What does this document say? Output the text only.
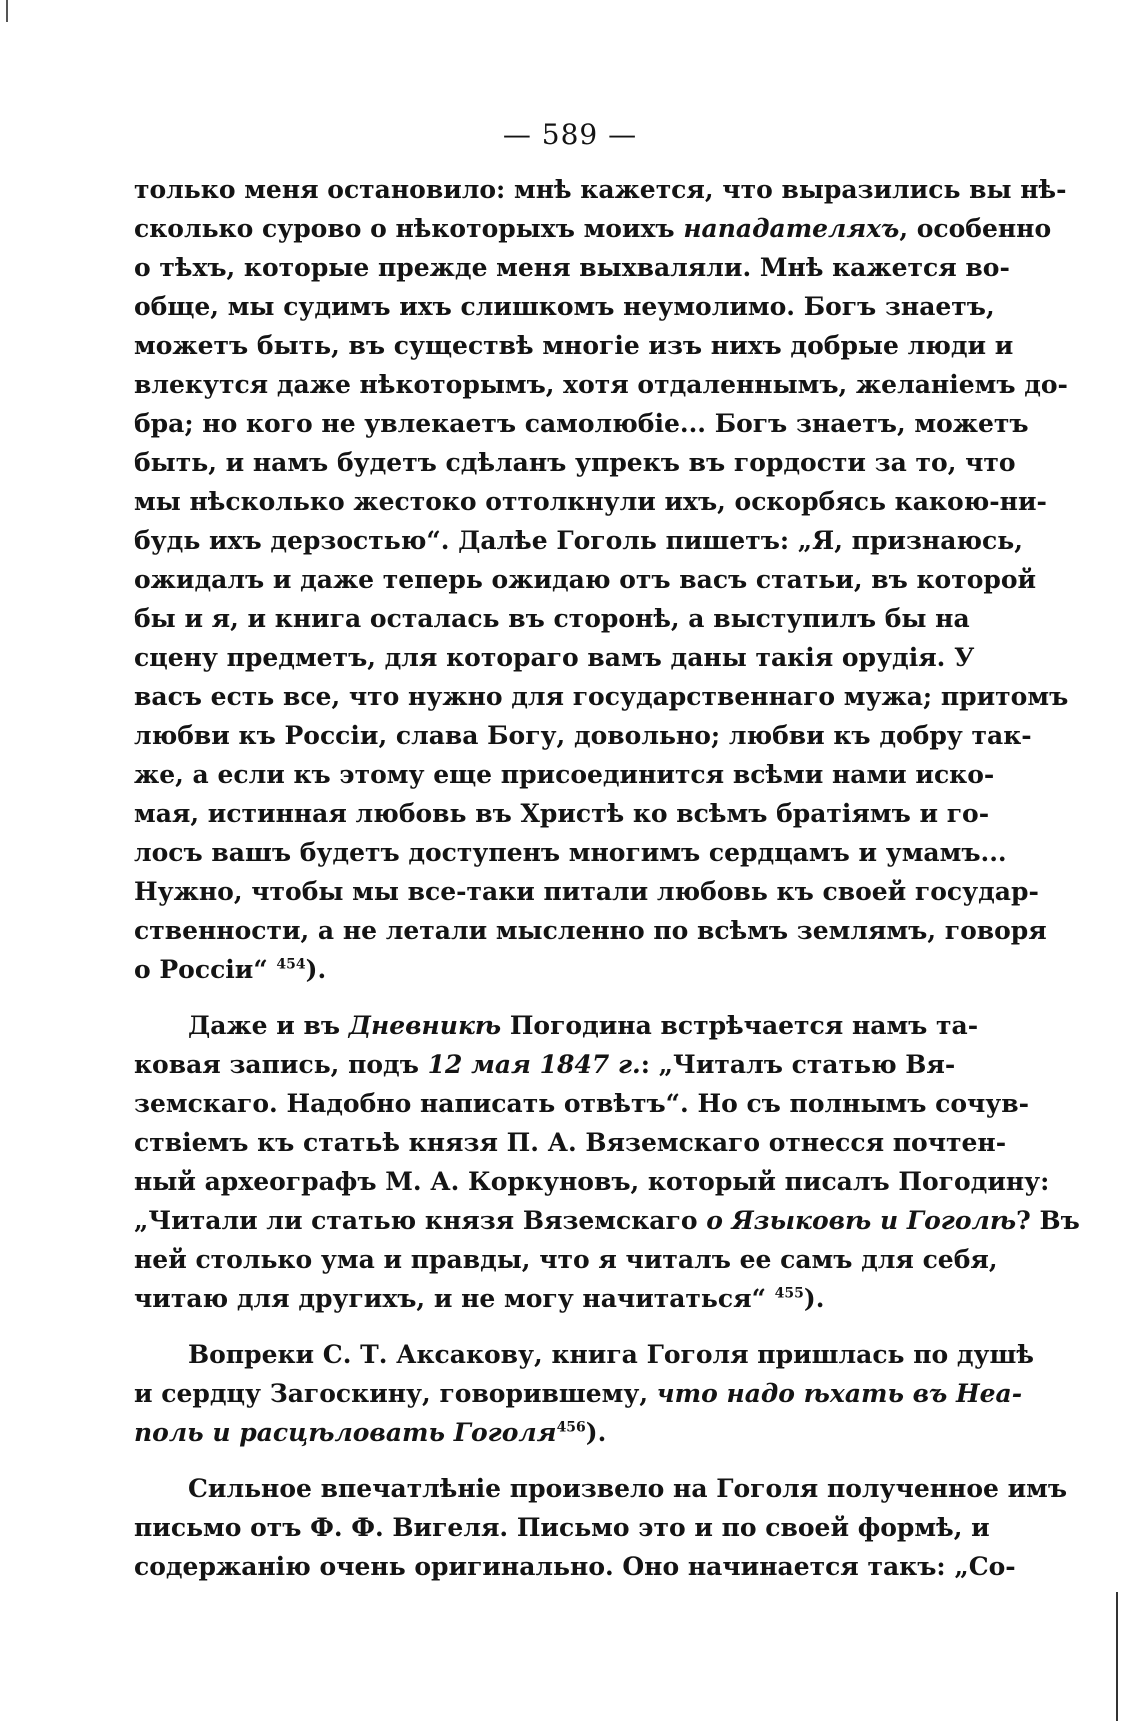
— 589 —
только меня остановило: мнѣ кажется, что выразились вы нѣ-
сколько сурово о нѣкоторыхъ моихъ нападателяхъ, особенно
о тѣхъ, которые прежде меня выхваляли. Мнѣ кажется во-
обще, мы судимъ ихъ слишкомъ неумолимо. Богъ знаетъ,
можетъ быть, въ существѣ многіе изъ нихъ добрые люди и
влекутся даже нѣкоторымъ, хотя отдаленнымъ, желаніемъ до-
бра; но кого не увлекаетъ самолюбіе... Богъ знаетъ, можетъ
быть, и намъ будетъ сдѣланъ упрекъ въ гордости за то, что
мы нѣсколько жестоко оттолкнули ихъ, оскорбясь какою-ни-
будь ихъ дерзостью“. Далѣе Гоголь пишетъ: „Я, признаюсь,
ожидалъ и даже теперь ожидаю отъ васъ статьи, въ которой
бы и я, и книга осталась въ сторонѣ, а выступилъ бы на
сцену предметъ, для котораго вамъ даны такія орудія. У
васъ есть все, что нужно для государственнаго мужа; притомъ
любви къ Россіи, слава Богу, довольно; любви къ добру так-
же, а если къ этому еще присоединится всѣми нами иско-
мая, истинная любовь въ Христѣ ко всѣмъ братіямъ и го-
лосъ вашъ будетъ доступенъ многимъ сердцамъ и умамъ...
Нужно, чтобы мы все-таки питали любовь къ своей государ-
ственности, а не летали мысленно по всѣмъ землямъ, говоря
о Россіи“ $^{454}$).
Даже и въ Дневникѣ Погодина встрѣчается намъ та-
ковая запись, подъ 12 мая 1847 г.: „Читалъ статью Вя-
земскаго. Надобно написать отвѣтъ“. Но съ полнымъ сочув-
ствіемъ къ статьѣ князя П. А. Вяземскаго отнесся почтен-
ный археографъ М. А. Коркуновъ, который писалъ Погодину:
„Читали ли статью князя Вяземскаго о Языковѣ и Гоголѣ? Въ
ней столько ума и правды, что я читалъ ее самъ для себя,
читаю для другихъ, и не могу начитаться“ $^{455}$).
Вопреки С. Т. Аксакову, книга Гоголя пришлась по душѣ
и сердцу Загоскину, говорившему, что надо ѣхать въ Неа-
поль и расцѣловать Гоголя$^{456}$).
Сильное впечатлѣніе произвело на Гоголя полученное имъ
письмо отъ Ф. Ф. Вигеля. Письмо это и по своей формѣ, и
содержанію очень оригинально. Оно начинается такъ: „Со-
